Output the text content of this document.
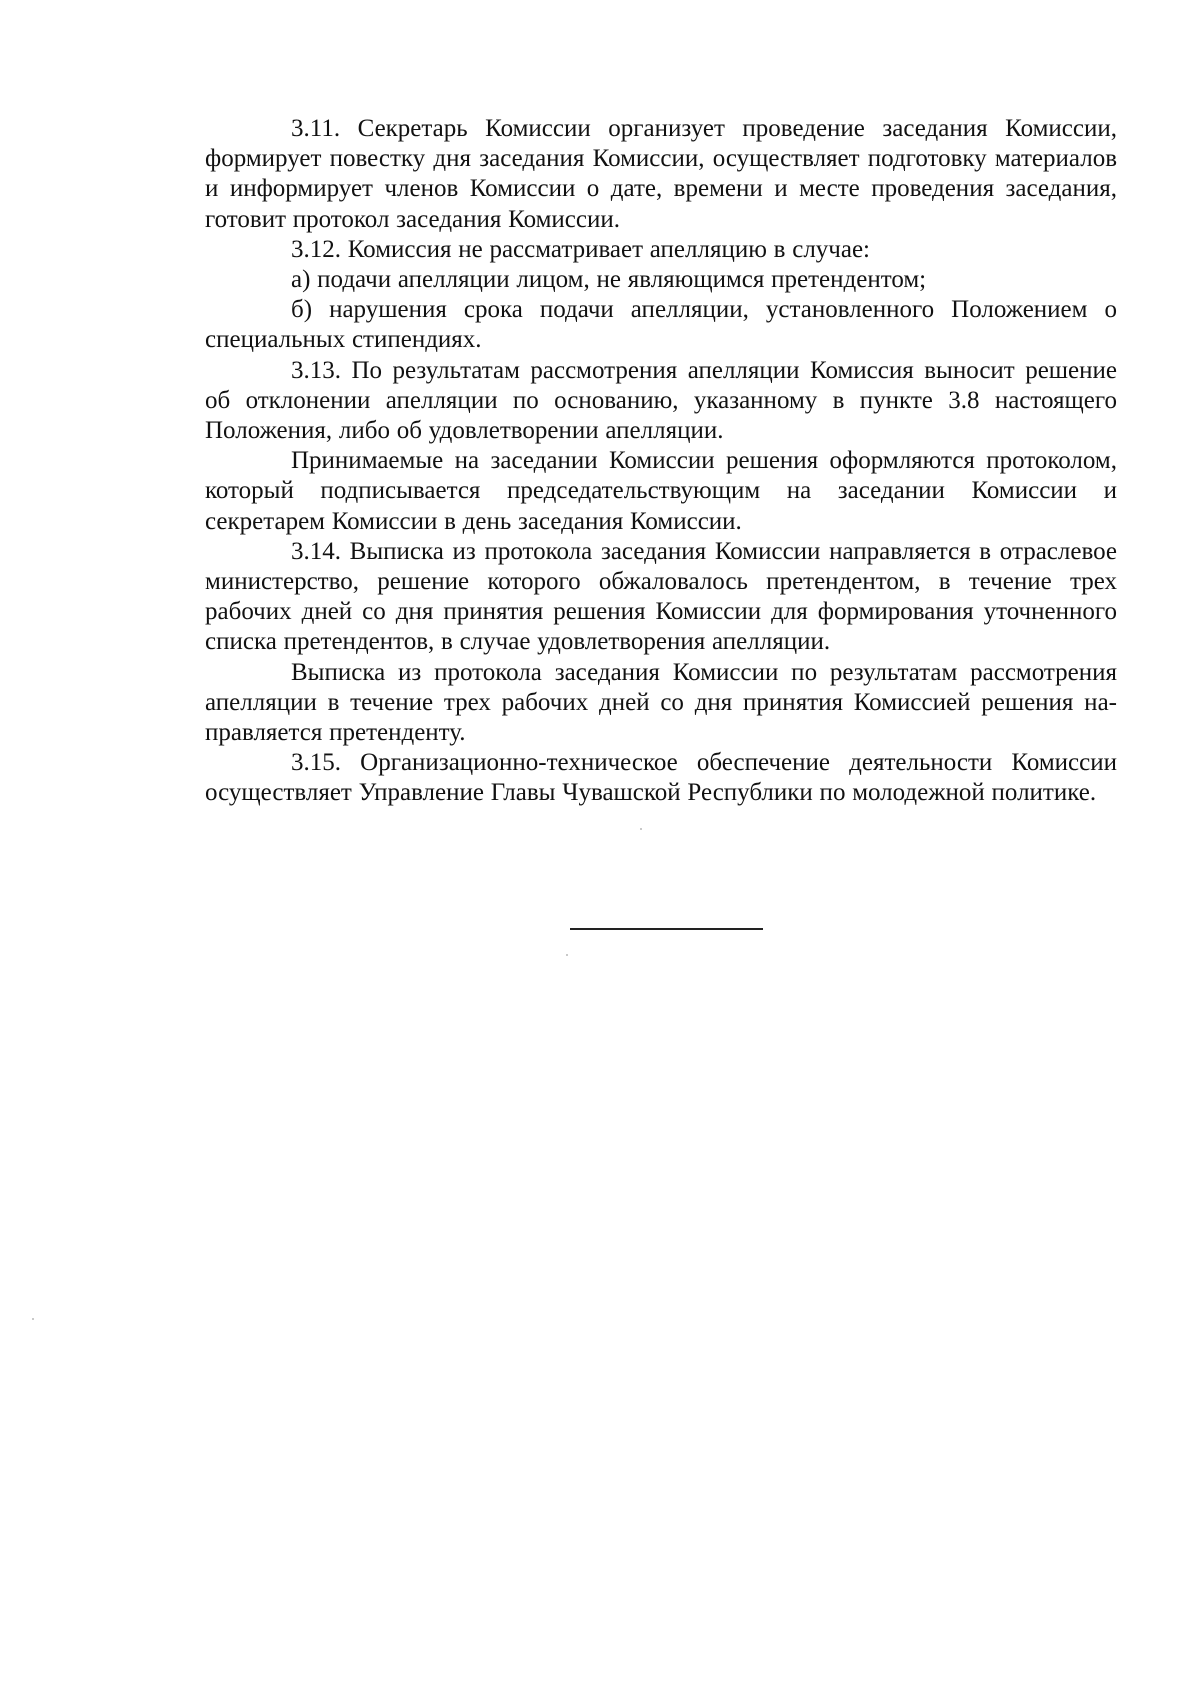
3.11. Секретарь Комиссии организует проведение заседания Комиссии, формирует повестку дня заседания Комиссии, осуществляет подготовку материалов и информирует членов Комиссии о дате, времени и месте проведения заседания, готовит протокол заседания Комиссии.

3.12. Комиссия не рассматривает апелляцию в случае:

а) подачи апелляции лицом, не являющимся претендентом;

б) нарушения срока подачи апелляции, установленного Положением о специальных стипендиях.

3.13. По результатам рассмотрения апелляции Комиссия выносит решение об отклонении апелляции по основанию, указанному в пункте 3.8 настоящего Положения, либо об удовлетворении апелляции.

Принимаемые на заседании Комиссии решения оформляются протоколом, который подписывается председательствующим на заседании Комиссии и секретарем Комиссии в день заседания Комиссии.

3.14. Выписка из протокола заседания Комиссии направляется в отраслевое министерство, решение которого обжаловалось претендентом, в течение трех рабочих дней со дня принятия решения Комиссии для формирования уточненного списка претендентов, в случае удовлетворения апелляции.

Выписка из протокола заседания Комиссии по результатам рассмотрения апелляции в течение трех рабочих дней со дня принятия Комиссией решения направляется претенденту.

3.15. Организационно-техническое обеспечение деятельности Комиссии осуществляет Управление Главы Чувашской Республики по молодежной политике.
